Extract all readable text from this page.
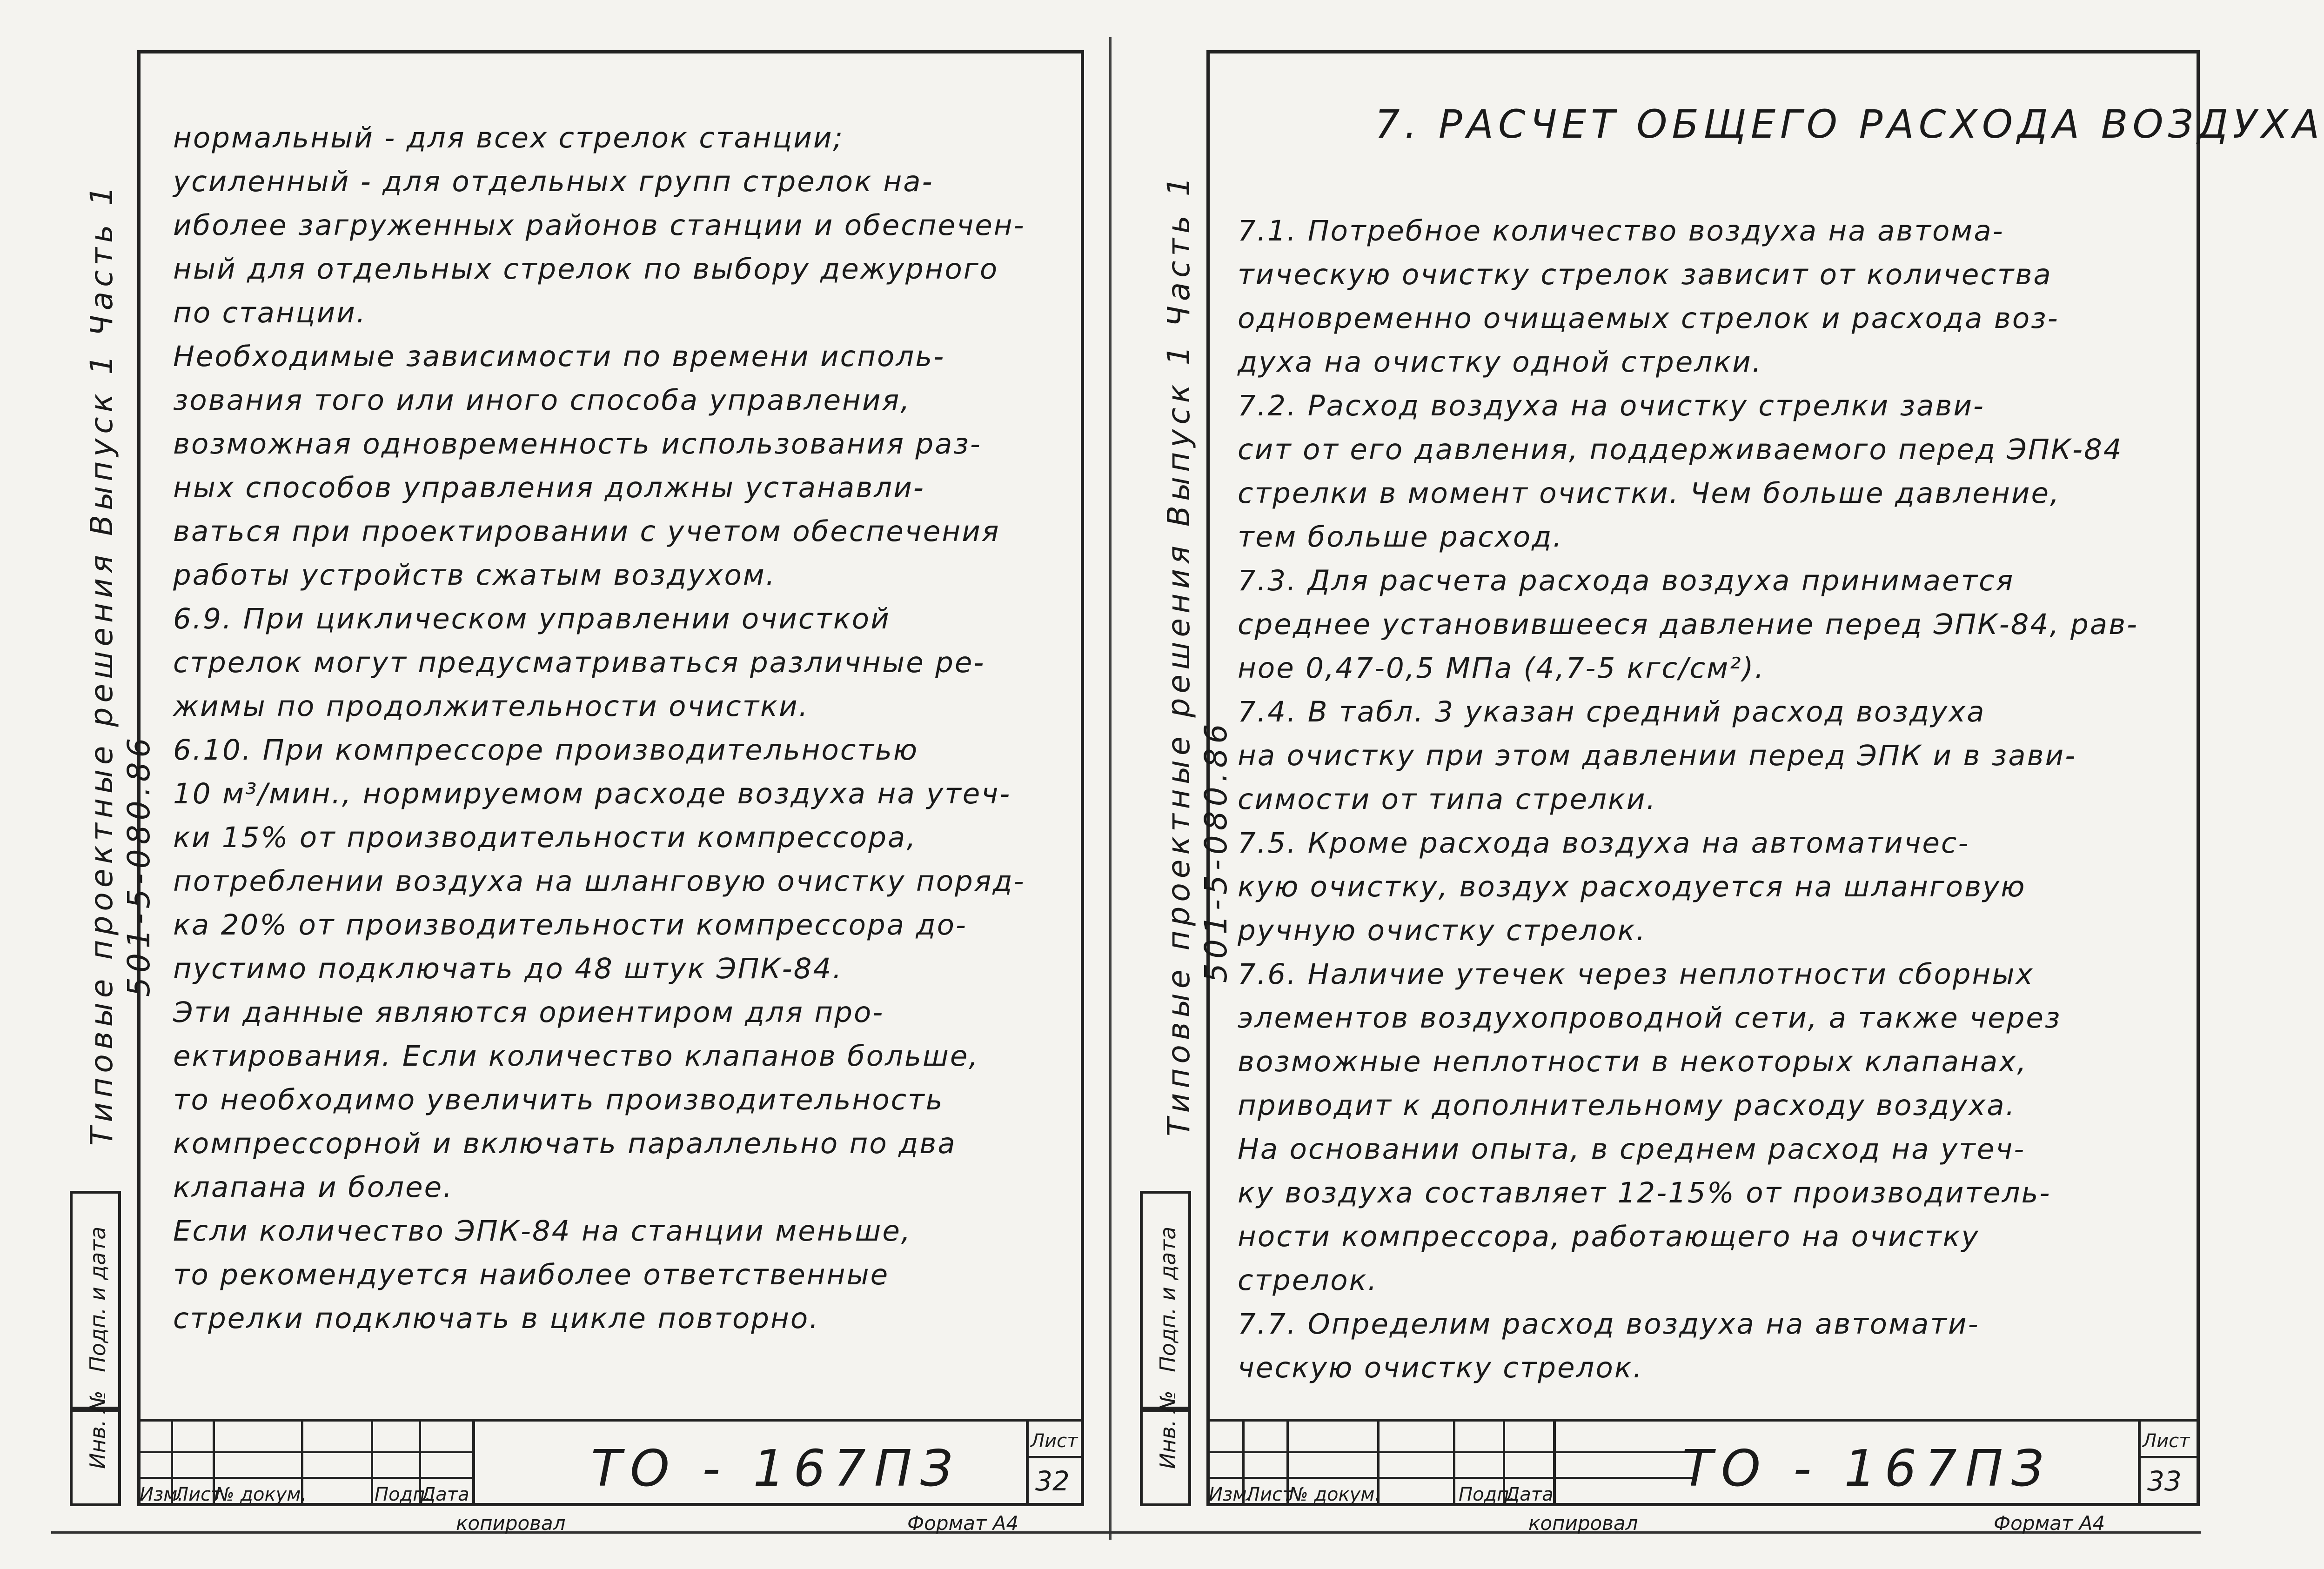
Типовые проектные решения Выпуск 1 Часть 1 501-5-080.86
Подп. и дата
Инв. №

нормальный - для всех стрелок станции;

усиленный - для отдельных групп стрелок на-

иболее загруженных районов станции и обеспечен-

ный для отдельных стрелок по выбору дежурного

по станции.

Необходимые зависимости по времени исполь-

зования того или иного способа управления,

возможная одновременность использования раз-

ных способов управления должны устанавли-

ваться при проектировании с учетом обеспечения

работы устройств сжатым воздухом.

6.9. При циклическом управлении очисткой

стрелок могут предусматриваться различные ре-

жимы по продолжительности очистки.

6.10. При компрессоре производительностью

10 м³/мин., нормируемом расходе воздуха на утеч-

ки 15% от производительности компрессора,

потреблении воздуха на шланговую очистку поряд-

ка 20% от производительности компрессора до-

пустимо подключать до 48 штук ЭПК-84.

Эти данные являются ориентиром для про-

ектирования. Если количество клапанов больше,

то необходимо увеличить производительность

компрессорной и включать параллельно по два

клапана и более.

Если количество ЭПК-84 на станции меньше,

то рекомендуется наиболее ответственные

стрелки подключать в цикле повторно.

Изм.
Лист
№ докум.	Подп.
Дата ТО - 167ПЗ	Лист
32
копировал	Формат А4
Типовые проектные решения Выпуск 1 Часть 1 501-5-080.86
Подп. и дата
Инв. №
7. РАСЧЕТ ОБЩЕГО РАСХОДА ВОЗДУХА

7.1. Потребное количество воздуха на автома-

тическую очистку стрелок зависит от количества

одновременно очищаемых стрелок и расхода воз-

духа на очистку одной стрелки.

7.2. Расход воздуха на очистку стрелки зави-

сит от его давления, поддерживаемого перед ЭПК-84

стрелки в момент очистки. Чем больше давление,

тем больше расход.

7.3. Для расчета расхода воздуха принимается

среднее установившееся давление перед ЭПК-84, рав-

ное 0,47-0,5 МПа (4,7-5 кгс/см²).

7.4. В табл. 3 указан средний расход воздуха

на очистку при этом давлении перед ЭПК и в зави-

симости от типа стрелки.

7.5. Кроме расхода воздуха на автоматичес-

кую очистку, воздух расходуется на шланговую

ручную очистку стрелок.

7.6. Наличие утечек через неплотности сборных

элементов воздухопроводной сети, а также через

возможные неплотности в некоторых клапанах,

приводит к дополнительному расходу воздуха.

На основании опыта, в среднем расход на утеч-

ку воздуха составляет 12-15% от производитель-

ности компрессора, работающего на очистку

стрелок.

7.7. Определим расход воздуха на автомати-

ческую очистку стрелок.

Изм.
Лист
№ докум.	Подп.
Дата	ТО - 167ПЗ	Лист
33
копировал	Формат А4
